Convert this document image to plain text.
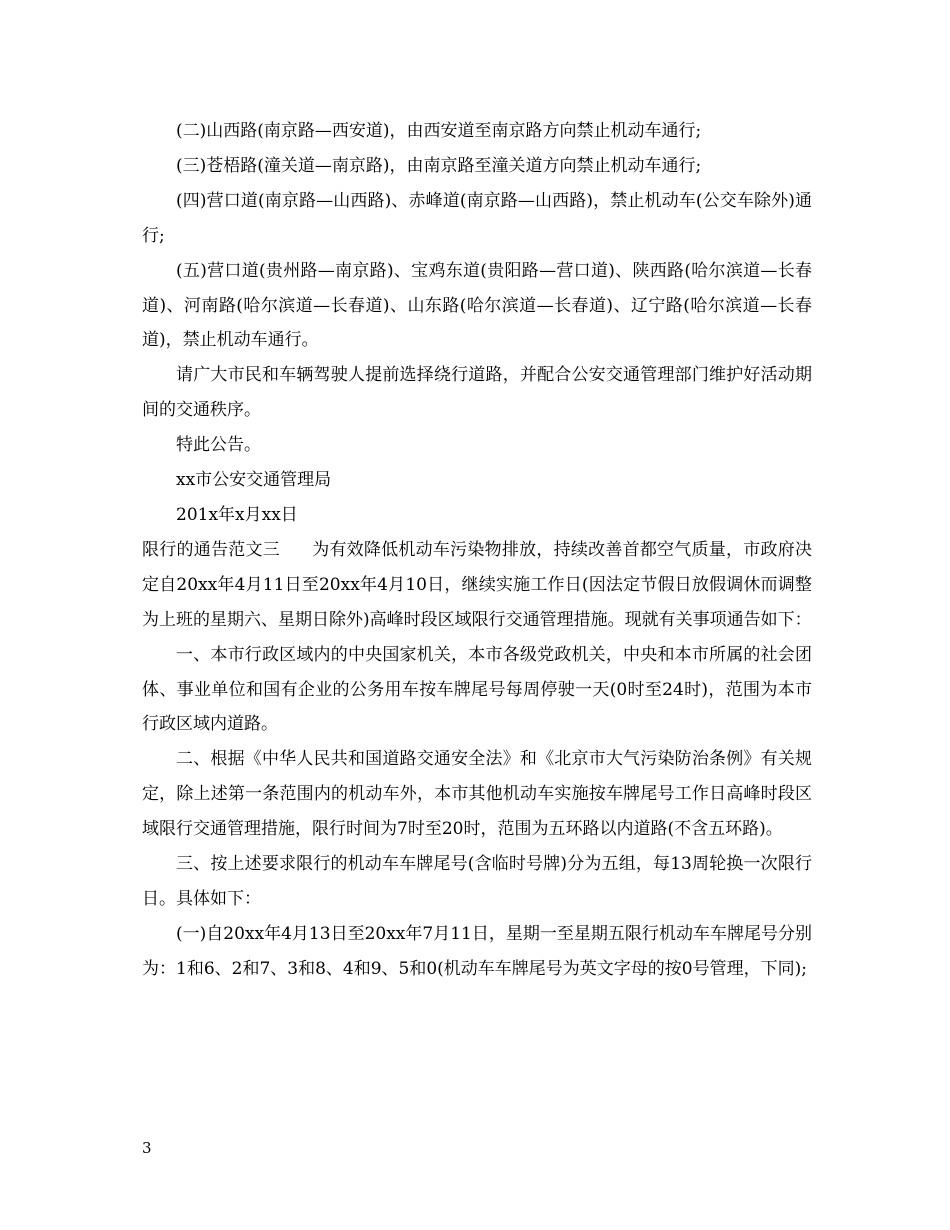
(二)山西路(南京路—西安道)，由西安道至南京路方向禁止机动车通行;

(三)苍梧路(潼关道—南京路)，由南京路至潼关道方向禁止机动车通行;

(四)营口道(南京路—山西路)、赤峰道(南京路—山西路)，禁止机动车(公交车除外)通行;

(五)营口道(贵州路—南京路)、宝鸡东道(贵阳路—营口道)、陕西路(哈尔滨道—长春道)、河南路(哈尔滨道—长春道)、山东路(哈尔滨道—长春道)、辽宁路(哈尔滨道—长春道)，禁止机动车通行。

请广大市民和车辆驾驶人提前选择绕行道路，并配合公安交通管理部门维护好活动期间的交通秩序。

特此公告。

xx市公安交通管理局

201x年x月xx日

限行的通告范文三 为有效降低机动车污染物排放，持续改善首都空气质量，市政府决定自20xx年4月11日至20xx年4月10日，继续实施工作日(因法定节假日放假调休而调整为上班的星期六、星期日除外)高峰时段区域限行交通管理措施。现就有关事项通告如下：

一、本市行政区域内的中央国家机关，本市各级党政机关，中央和本市所属的社会团体、事业单位和国有企业的公务用车按车牌尾号每周停驶一天(0时至24时)，范围为本市行政区域内道路。

二、根据《中华人民共和国道路交通安全法》和《北京市大气污染防治条例》有关规定，除上述第一条范围内的机动车外，本市其他机动车实施按车牌尾号工作日高峰时段区域限行交通管理措施，限行时间为7时至20时，范围为五环路以内道路(不含五环路)。

三、按上述要求限行的机动车车牌尾号(含临时号牌)分为五组，每13周轮换一次限行日。具体如下：

(一)自20xx年4月13日至20xx年7月11日，星期一至星期五限行机动车车牌尾号分别为：1和6、2和7、3和8、4和9、5和0(机动车车牌尾号为英文字母的按0号管理，下同);

3
